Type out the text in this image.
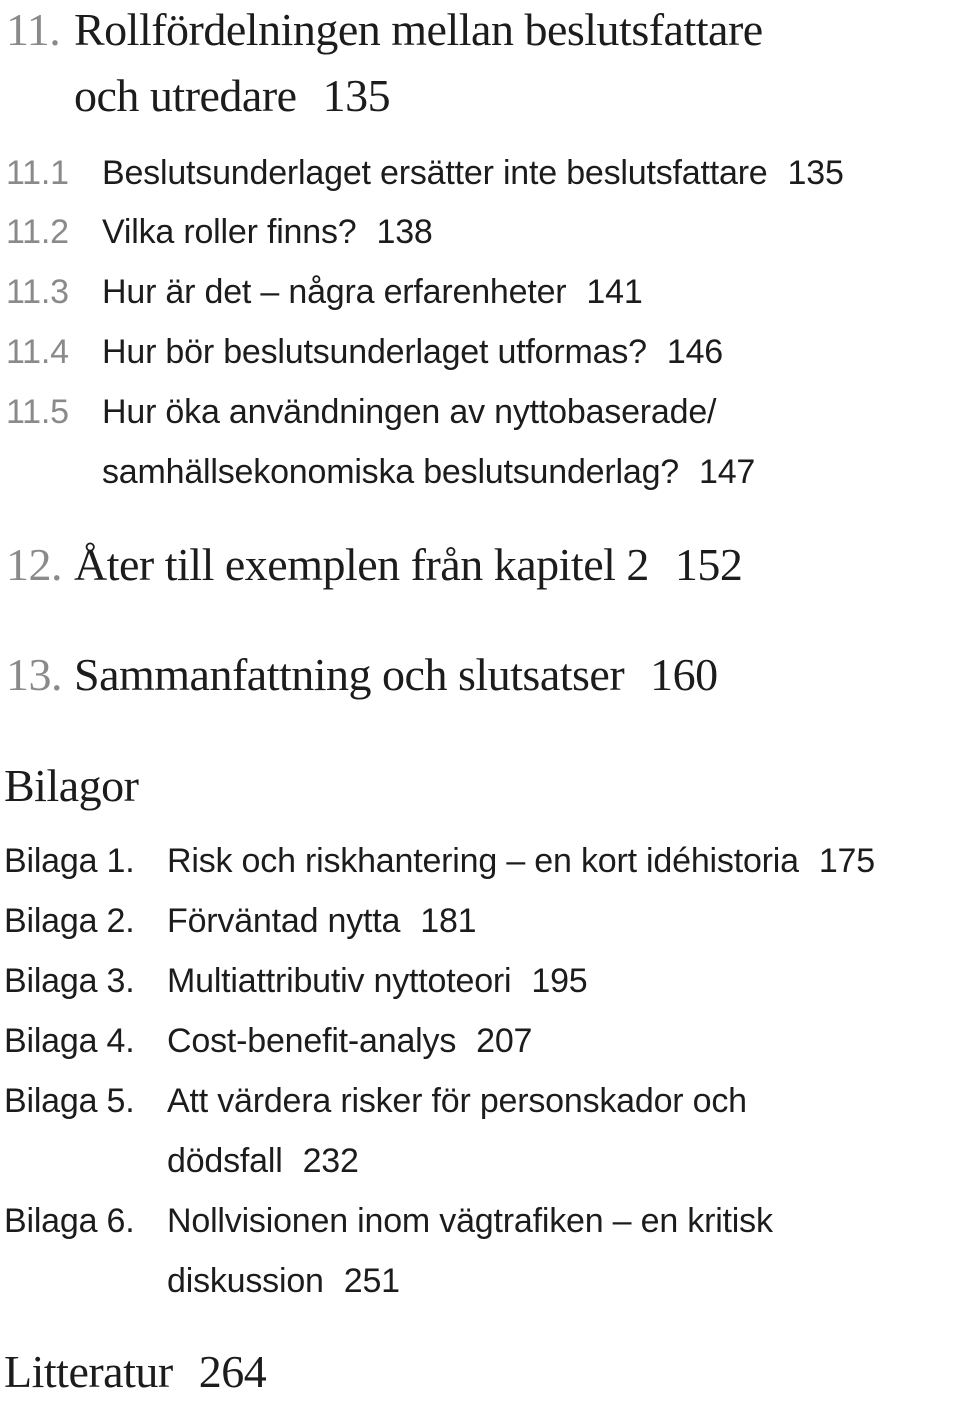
11. Rollfördelningen mellan beslutsfattare
och utredare 135
11.1 Beslutsunderlaget ersätter inte beslutsfattare 135
11.2 Vilka roller finns? 138
11.3 Hur är det – några erfarenheter 141
11.4 Hur bör beslutsunderlaget utformas? 146
11.5 Hur öka användningen av nyttobaserade/
samhällsekonomiska beslutsunderlag? 147
12. Åter till exemplen från kapitel 2 152
13. Sammanfattning och slutsatser 160
Bilagor
Bilaga 1. Risk och riskhantering – en kort idéhistoria 175
Bilaga 2. Förväntad nytta 181
Bilaga 3. Multiattributiv nyttoteori 195
Bilaga 4. Cost-benefit-analys 207
Bilaga 5. Att värdera risker för personskador och
dödsfall 232
Bilaga 6. Nollvisionen inom vägtrafiken – en kritisk
diskussion 251
Litteratur 264
